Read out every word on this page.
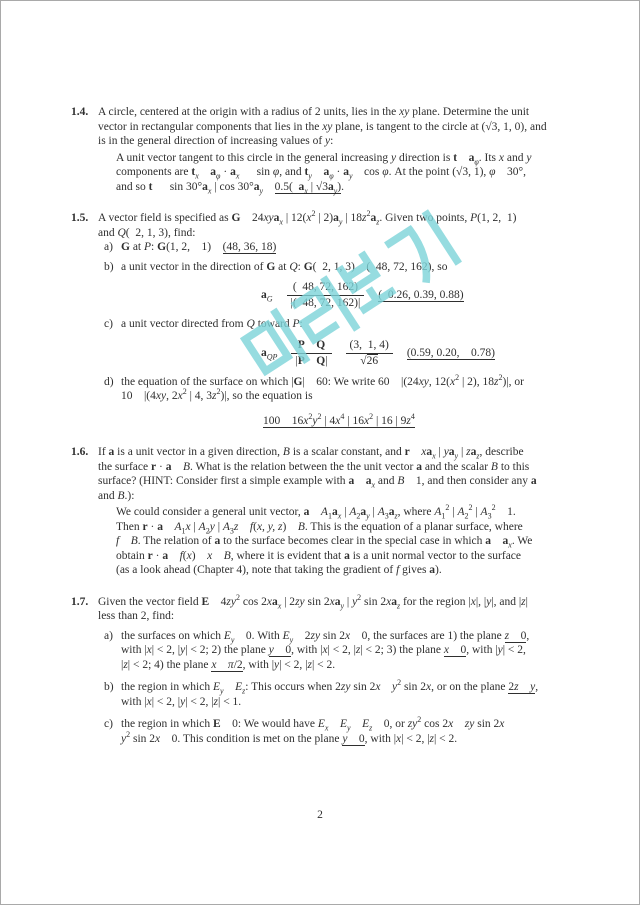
1.4. A circle, centered at the origin with a radius of 2 units, lies in the xy plane. Determine the unit
vector in rectangular components that lies in the xy plane, is tangent to the circle at (√3, 1, 0), and
is in the general direction of increasing values of y:
A unit vector tangent to this circle in the general increasing y direction is t  $a_\varphi$. Its x and y
components are $t_x$  $a_\varphi \cdot a_x$  sin φ, and $t_y$  $a_\varphi \cdot a_y$ cos φ. At the point (√3, 1), φ 30°,
and so t  $\sin 30^\circ a_x$ | $\cos 30^\circ a_y$  0.5( $a_x$ | $√3a_y$).
1.5. A vector field is specified as G 24xya$_x$ | $12(x^2$ | $2)a_y$ | $18z^2a_z$. Given two points, P(1, 2, 1)
and Q( 2, 1, 3), find:
a) G at P: G(1, 2,  1) (48, 36, 18)
b) a unit vector in the direction of G at Q: G( 2, 1, 3) ( 48, 72, 162), so
$a_G \frac{( 48, 72, 162)}{|( 48, 72, 162)|}$ ( 0.26, 0.39, 0.88)
c) a unit vector directed from Q toward P:
$a_{QP} \frac{\text{P  Q}}{\text{|P  Q|}} \frac{(3, 1, 4)}{√26} (0.59$, 0.20,  0.78)
d) the equation of the surface on which |G| 60: We write 60 |(24xy, $12(x^2$ | 2), $18z^2)|$, or
10 |(4xy, $2x^2$ | 4, $3z^2)|$, so the equation is
100 $16x^2y^2$ | $4x^4$ | $16x^2$ | 16 | $9z^4$
1.6. If a is a unit vector in a given direction, B is a scalar constant, and r  $xa_x$ | $ya_y$ | $za_z$, describe
the surface r · a  B. What is the relation between the the unit vector a and the scalar B to this
surface? (HINT: Consider first a simple example with a  $a_x$ and B 1, and then consider any a
and B.):
We could consider a general unit vector, a  $A_1a_x$ | $A_2a_y$ | $A_3a_z$, where $A_1^2$ | $A_2^2$ | $A_3^2$ 1.
Then r · a  $A_1x$ | $A_2y$ | $A_3z$  f(x, y, z) B. This is the equation of a planar surface, where
f  B. The relation of a to the surface becomes clear in the special case in which a  $a_x$. We
obtain r · a  f(x) x  B, where it is evident that a is a unit normal vector to the surface
(as a look ahead (Chapter 4), note that taking the gradient of f gives a).
1.7. Given the vector field E $4zy^2$ $\cos 2xa_x$ | 2zy $\sin 2xa_y$ | $y^2$ $\sin 2xa_z$ for the region |x|, |y|, and |z|
less than 2, find:
a) the surfaces on which $E_y$ 0. With $E_y$ 2zy sin 2x 0, the surfaces are 1) the plane z 0,
with |x| < 2, |y| < 2; 2) the plane y 0, with |x| < 2, |z| < 2; 3) the plane x 0, with |y| < 2,
|z| < 2; 4) the plane x  π/2, with |y| < 2, |z| < 2.
b) the region in which $E_y$  $E_z$: This occurs when 2zy sin 2x  $y^2$ sin 2x, or on the plane 2z  y,
with |x| < 2, |y| < 2, |z| < 1.
c) the region in which E 0: We would have $E_x$  $E_y$  $E_z$ 0, or $zy^2$ cos 2x  zy sin 2x
$y^2$ sin 2x 0. This condition is met on the plane y 0, with |x| < 2, |z| < 2.
2
